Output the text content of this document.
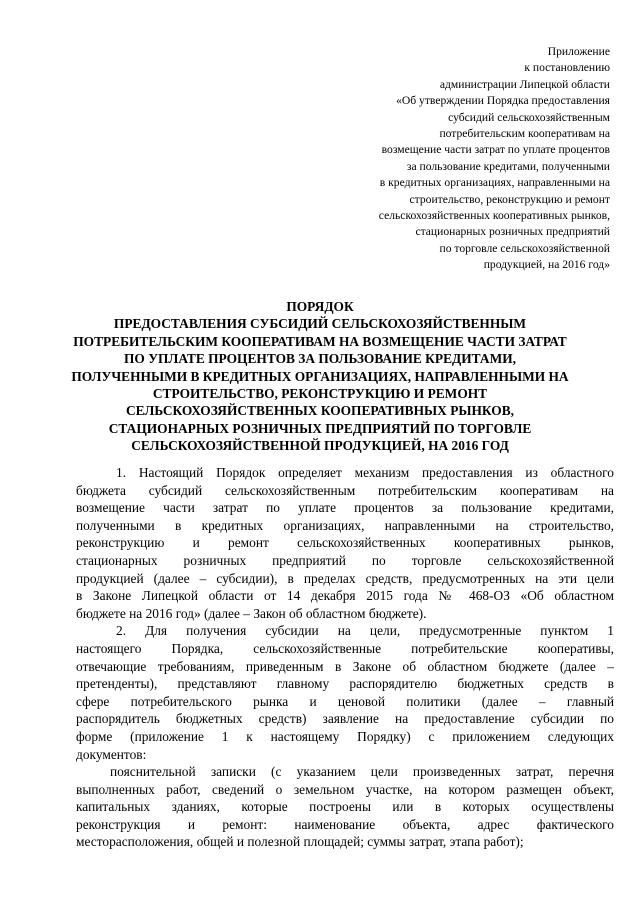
Приложение
к постановлению
администрации Липецкой области
«Об утверждении Порядка предоставления
субсидий сельскохозяйственным
потребительским кооперативам на
возмещение части затрат по уплате процентов
за пользование кредитами, полученными
в кредитных организациях, направленными на
строительство, реконструкцию и ремонт
сельскохозяйственных кооперативных рынков,
стационарных розничных предприятий
по торговле сельскохозяйственной
продукцией, на 2016 год»
ПОРЯДОК
ПРЕДОСТАВЛЕНИЯ СУБСИДИЙ СЕЛЬСКОХОЗЯЙСТВЕННЫМ
ПОТРЕБИТЕЛЬСКИМ КООПЕРАТИВАМ НА ВОЗМЕЩЕНИЕ ЧАСТИ ЗАТРАТ
ПО УПЛАТЕ ПРОЦЕНТОВ ЗА ПОЛЬЗОВАНИЕ КРЕДИТАМИ,
ПОЛУЧЕННЫМИ В КРЕДИТНЫХ ОРГАНИЗАЦИЯХ, НАПРАВЛЕННЫМИ НА
СТРОИТЕЛЬСТВО, РЕКОНСТРУКЦИЮ И РЕМОНТ
СЕЛЬСКОХОЗЯЙСТВЕННЫХ КООПЕРАТИВНЫХ РЫНКОВ,
СТАЦИОНАРНЫХ РОЗНИЧНЫХ ПРЕДПРИЯТИЙ ПО ТОРГОВЛЕ
СЕЛЬСКОХОЗЯЙСТВЕННОЙ ПРОДУКЦИЕЙ, НА 2016 ГОД
1. Настоящий Порядок определяет механизм предоставления из областного
бюджета субсидий сельскохозяйственным потребительским кооперативам на
возмещение части затрат по уплате процентов за пользование кредитами,
полученными в кредитных организациях, направленными на строительство,
реконструкцию и ремонт сельскохозяйственных кооперативных рынков,
стационарных розничных предприятий по торговле сельскохозяйственной
продукцией (далее – субсидии), в пределах средств, предусмотренных на эти цели
в Законе Липецкой области от 14 декабря 2015 года № 468-ОЗ «Об областном
бюджете на 2016 год» (далее – Закон об областном бюджете).
2. Для получения субсидии на цели, предусмотренные пунктом 1
настоящего Порядка, сельскохозяйственные потребительские кооперативы,
отвечающие требованиям, приведенным в Законе об областном бюджете (далее –
претенденты), представляют главному распорядителю бюджетных средств в
сфере потребительского рынка и ценовой политики (далее – главный
распорядитель бюджетных средств) заявление на предоставление субсидии по
форме (приложение 1 к настоящему Порядку) с приложением следующих
документов:
пояснительной записки (с указанием цели произведенных затрат, перечня
выполненных работ, сведений о земельном участке, на котором размещен объект,
капитальных зданиях, которые построены или в которых осуществлены
реконструкция и ремонт: наименование объекта, адрес фактического
месторасположения, общей и полезной площадей; суммы затрат, этапа работ);
